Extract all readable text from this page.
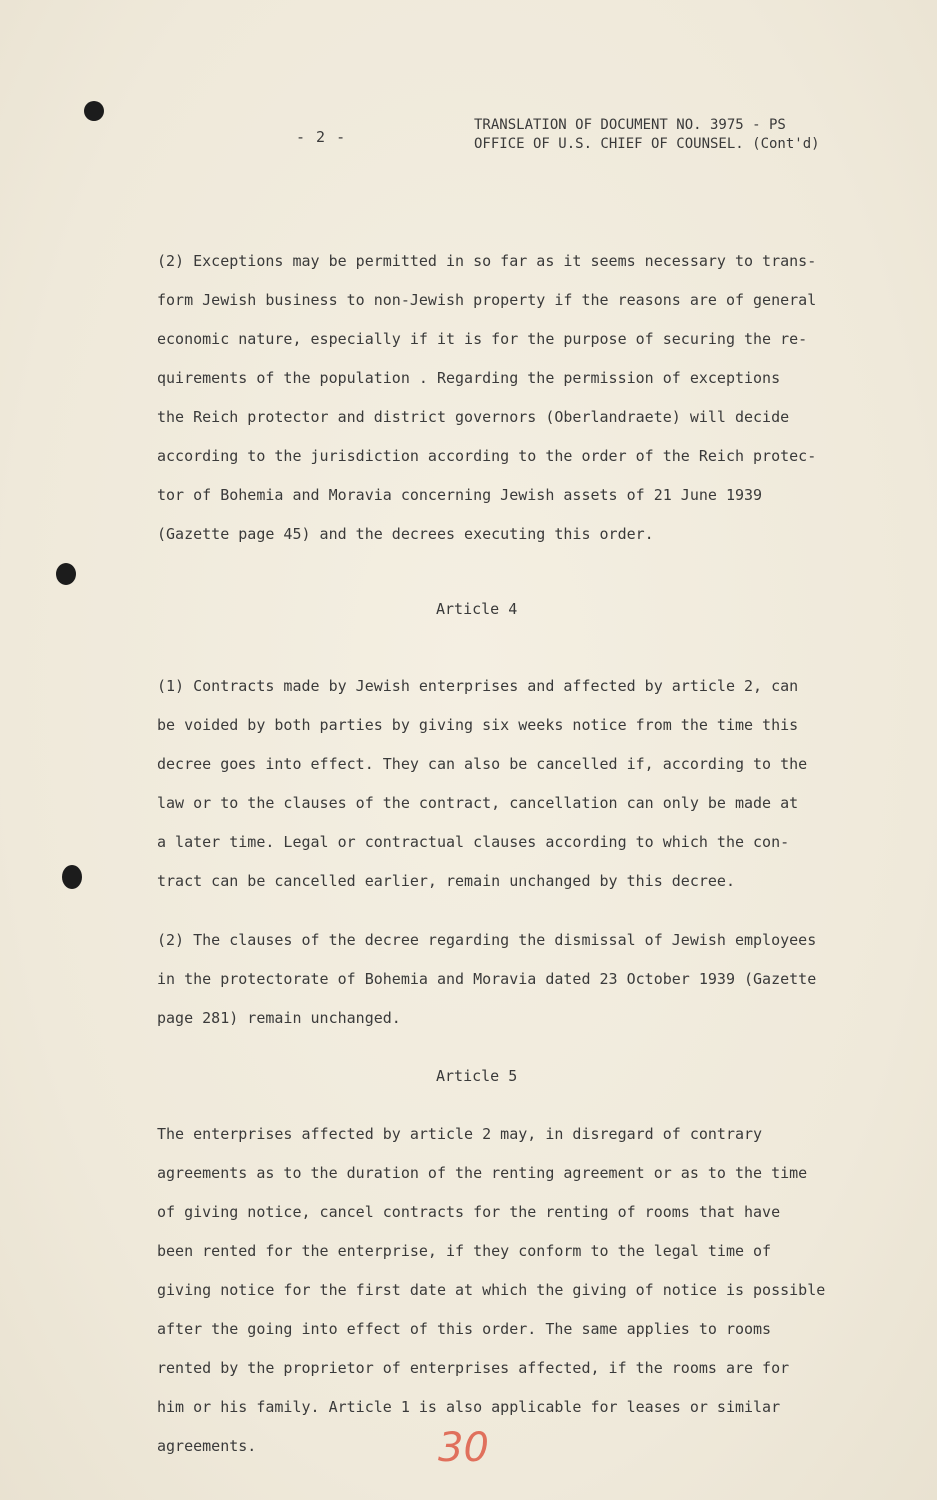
- 2 -
TRANSLATION OF DOCUMENT NO. 3975 - PS
OFFICE OF U.S. CHIEF OF COUNSEL. (Cont'd)
(2) Exceptions may be permitted in so far as it seems necessary to trans-
form Jewish business to non-Jewish property if the reasons are of general
economic nature, especially if it is for the purpose of securing the re-
quirements of the population . Regarding the permission of exceptions
the Reich protector and district governors (Oberlandraete) will decide
according to the jurisdiction according to the order of the Reich protec-
tor of Bohemia and Moravia concerning Jewish assets of 21 June 1939
(Gazette page 45) and the decrees executing this order.
Article 4
(1) Contracts made by Jewish enterprises and affected by article 2, can
be voided by both parties by giving six weeks notice from the time this
decree goes into effect. They can also be cancelled if, according to the
law or to the clauses of the contract, cancellation can only be made at
a later time. Legal or contractual clauses according to which the con-
tract can be cancelled earlier, remain unchanged by this decree.
(2) The clauses of the decree regarding the dismissal of Jewish employees
in the protectorate of Bohemia and Moravia dated 23 October 1939 (Gazette
page 281) remain unchanged.
Article 5
The enterprises affected by article 2 may, in disregard of contrary
agreements as to the duration of the renting agreement or as to the time
of giving notice, cancel contracts for the renting of rooms that have
been rented for the enterprise, if they conform to the legal time of
giving notice for the first date at which the giving of notice is possible
after the going into effect of this order. The same applies to rooms
rented by the proprietor of enterprises affected, if the rooms are for
him or his family. Article 1 is also applicable for leases or similar
agreements.	30
